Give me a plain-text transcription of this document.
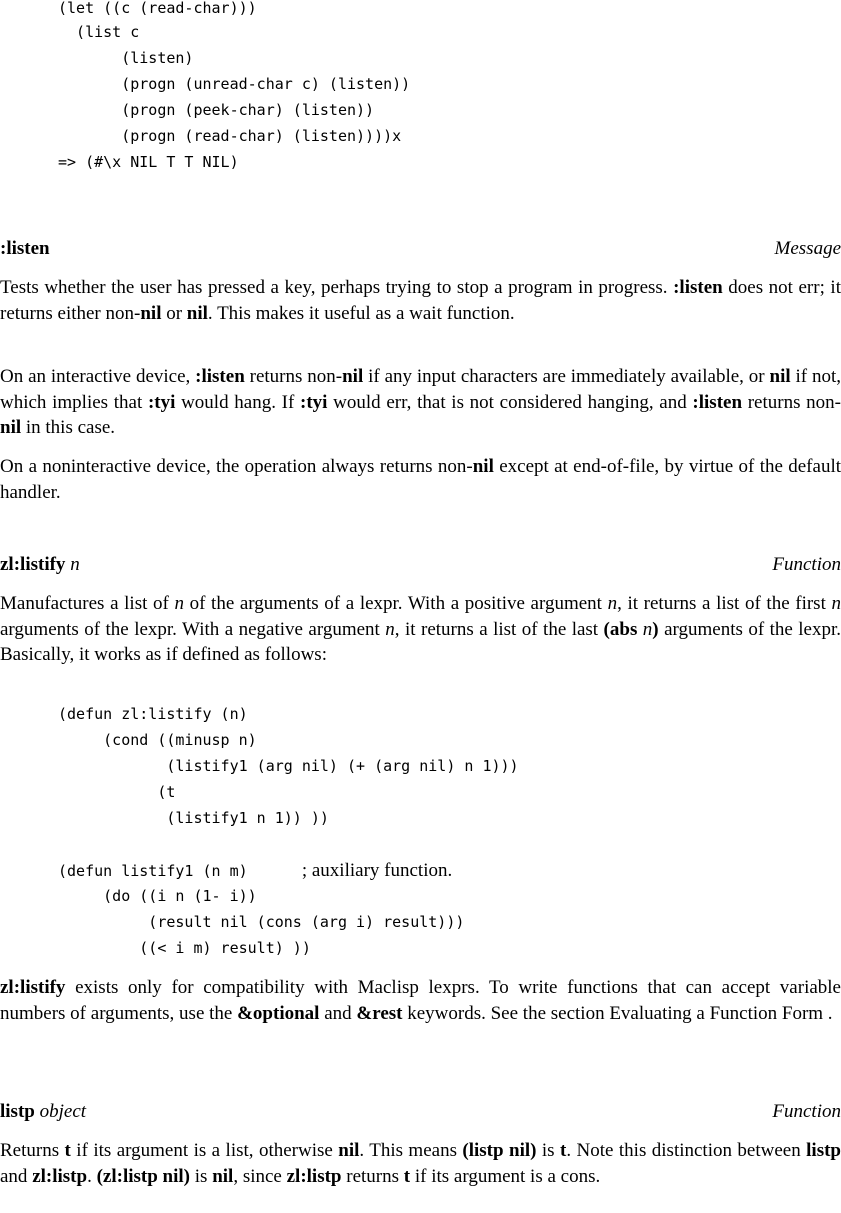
(let ((c (read-char)))
(list c
(listen)
(progn (unread-char c) (listen))
(progn (peek-char) (listen))
(progn (read-char) (listen))))x
=> (#\x NIL T T NIL)
:listen	Message

Tests whether the user has pressed a key, perhaps trying to stop a program in progress. :listen does not err; it returns either non-nil or nil. This makes it useful as a wait function.

On an interactive device, :listen returns non-nil if any input characters are immediately available, or nil if not, which implies that :tyi would hang. If :tyi would err, that is not considered hanging, and :listen returns non-nil in this case.

On a noninteractive device, the operation always returns non-nil except at end-of-file, by virtue of the default handler.

zl:listify n	Function

Manufactures a list of n of the arguments of a lexpr. With a positive argument n, it returns a list of the first n arguments of the lexpr. With a negative argument n, it returns a list of the last (abs n) arguments of the lexpr. Basically, it works as if defined as follows:

(defun zl:listify (n)
(cond ((minusp n)
(listify1 (arg nil) (+ (arg nil) n 1)))
(t
(listify1 n 1)) ))
(defun listify1 (n m)      ; auxiliary function.
(do ((i n (1- i))
(result nil (cons (arg i) result)))
((< i m) result) ))

zl:listify exists only for compatibility with Maclisp lexprs. To write functions that can accept variable numbers of arguments, use the &optional and &rest keywords. See the section Evaluating a Function Form .

listp object	Function

Returns t if its argument is a list, otherwise nil. This means (listp nil) is t. Note this distinction between listp and zl:listp. (zl:listp nil) is nil, since zl:listp returns t if its argument is a cons.
